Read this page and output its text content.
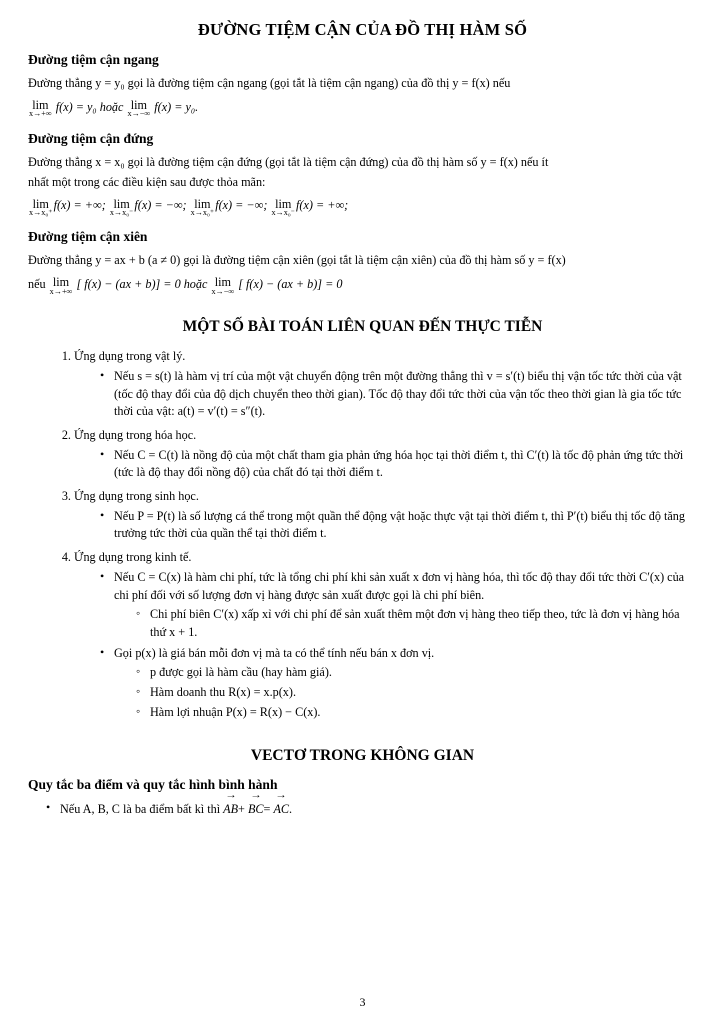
ĐƯỜNG TIỆM CẬN CỦA ĐỒ THỊ HÀM SỐ
Đường tiệm cận ngang
Đường thẳng y = y₀ gọi là đường tiệm cận ngang (gọi tắt là tiệm cận ngang) của đồ thị y = f(x) nếu
lim
x→+∞ f(x) = y₀ hoặc lim
x→−∞ f(x) = y₀.
Đường tiệm cận đứng
Đường thẳng x = x₀ gọi là đường tiệm cận đứng (gọi tắt là tiệm cận đứng) của đồ thị hàm số y = f(x) nếu ít
nhất một trong các điều kiện sau được thỏa mãn:
lim
x→x₀⁺ f(x) = +∞; lim
x→x₀⁻ f(x) = −∞; lim
x→x₀⁺ f(x) = −∞; lim
x→x₀⁻ f(x) = +∞;
Đường tiệm cận xiên
Đường thẳng y = ax + b (a ≠ 0) gọi là đường tiệm cận xiên (gọi tắt là tiệm cận xiên) của đồ thị hàm số y = f(x)
nếu lim
x→+∞ [ f(x) − (ax + b)] = 0 hoặc lim
x→−∞ [ f(x) − (ax + b)] = 0
MỘT SỐ BÀI TOÁN LIÊN QUAN ĐẾN THỰC TIỄN
1. Ứng dụng trong vật lý.
• Nếu s = s(t) là hàm vị trí của một vật chuyển động trên một đường thẳng thì v = s′(t) biểu thị vận tốc tức thời của vật (tốc độ thay đổi của độ dịch chuyển theo thời gian). Tốc độ thay đổi tức thời của vận tốc theo thời gian là gia tốc tức thời của vật: a(t) = v′(t) = s″(t).
2. Ứng dụng trong hóa học.
• Nếu C = C(t) là nồng độ của một chất tham gia phản ứng hóa học tại thời điểm t, thì C′(t) là tốc độ phản ứng tức thời (tức là độ thay đổi nồng độ) của chất đó tại thời điểm t.
3. Ứng dụng trong sinh học.
• Nếu P = P(t) là số lượng cá thể trong một quần thể động vật hoặc thực vật tại thời điểm t, thì P′(t) biểu thị tốc độ tăng trưởng tức thời của quần thể tại thời điểm t.
4. Ứng dụng trong kinh tế.
• Nếu C = C(x) là hàm chi phí, tức là tổng chi phí khi sản xuất x đơn vị hàng hóa, thì tốc độ thay đổi tức thời C′(x) của chi phí đối với số lượng đơn vị hàng được sản xuất được gọi là chi phí biên.
◦ Chi phí biên C′(x) xấp xỉ với chi phí để sản xuất thêm một đơn vị hàng theo tiếp theo, tức là đơn vị hàng hóa thứ x + 1.
• Gọi p(x) là giá bán mỗi đơn vị mà ta có thể tính nếu bán x đơn vị.
◦ p được gọi là hàm cầu (hay hàm giá).
◦ Hàm doanh thu R(x) = x.p(x).
◦ Hàm lợi nhuận P(x) = R(x) − C(x).
VECTƠ TRONG KHÔNG GIAN
Quy tắc ba điểm và quy tắc hình bình hành
• Nếu A, B, C là ba điểm bất kì thì → AB+ → BC= → AC.
3
